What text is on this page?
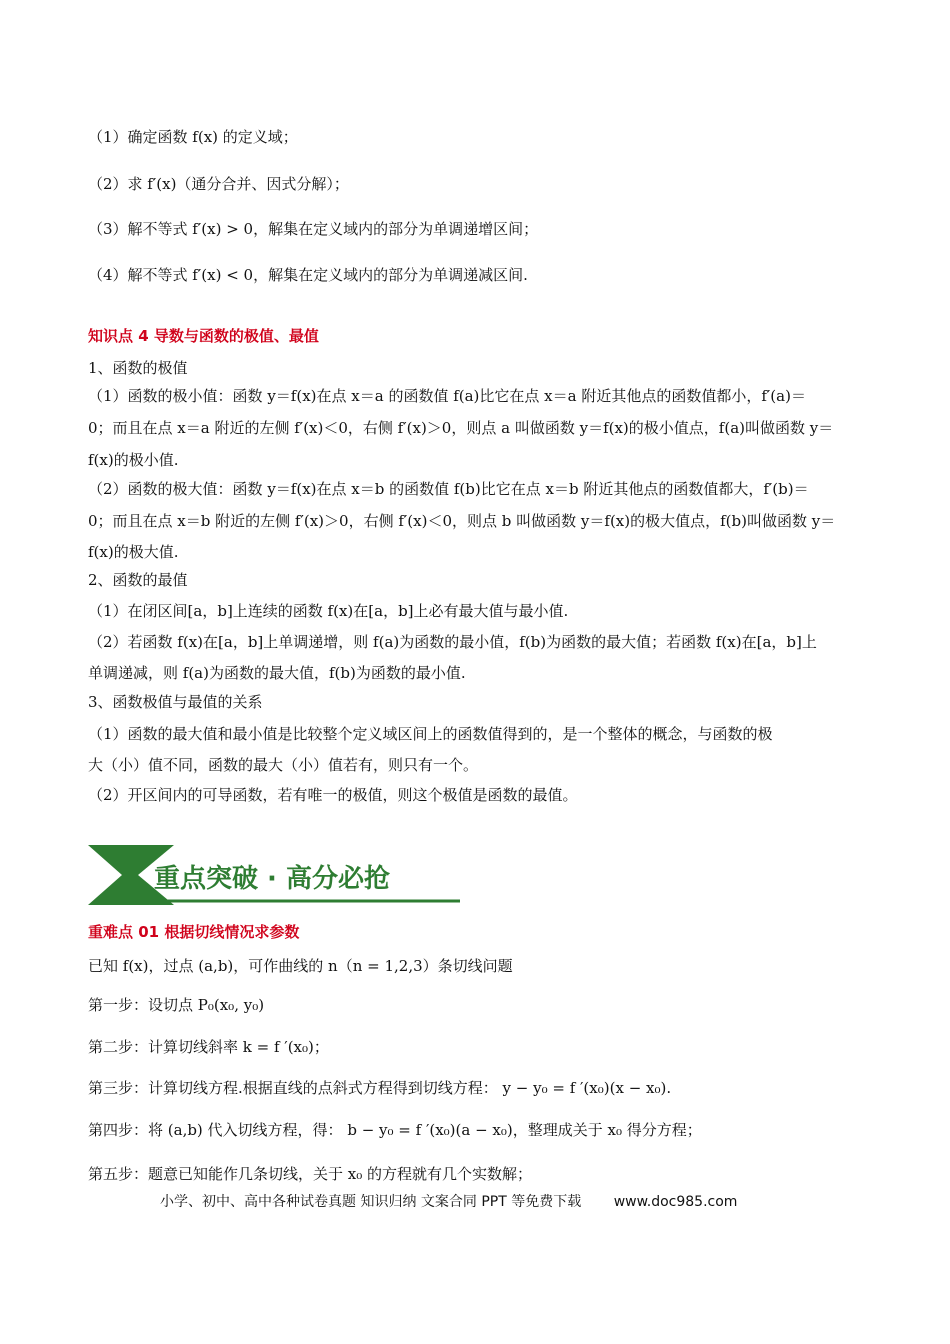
（1）确定函数 f(x) 的定义域；
（2）求 f′(x)（通分合并、因式分解）；
（3）解不等式 f′(x) > 0，解集在定义域内的部分为单调递增区间；
（4）解不等式 f′(x) < 0，解集在定义域内的部分为单调递减区间.
知识点 4 导数与函数的极值、最值
1、函数的极值
（1）函数的极小值：函数 y＝f(x)在点 x＝a 的函数值 f(a)比它在点 x＝a 附近其他点的函数值都小，f′(a)＝
0；而且在点 x＝a 附近的左侧 f′(x)＜0，右侧 f′(x)＞0，则点 a 叫做函数 y＝f(x)的极小值点，f(a)叫做函数 y＝
f(x)的极小值.
（2）函数的极大值：函数 y＝f(x)在点 x＝b 的函数值 f(b)比它在点 x＝b 附近其他点的函数值都大，f′(b)＝
0；而且在点 x＝b 附近的左侧 f′(x)＞0，右侧 f′(x)＜0，则点 b 叫做函数 y＝f(x)的极大值点，f(b)叫做函数 y＝
f(x)的极大值.
2、函数的最值
（1）在闭区间[a，b]上连续的函数 f(x)在[a，b]上必有最大值与最小值.
（2）若函数 f(x)在[a，b]上单调递增，则 f(a)为函数的最小值，f(b)为函数的最大值；若函数 f(x)在[a，b]上
单调递减，则 f(a)为函数的最大值，f(b)为函数的最小值.
3、函数极值与最值的关系
（1）函数的最大值和最小值是比较整个定义域区间上的函数值得到的，是一个整体的概念，与函数的极
大（小）值不同，函数的最大（小）值若有，则只有一个。
（2）开区间内的可导函数，若有唯一的极值，则这个极值是函数的最值。
重点突破 · 高分必抢
重难点 01 根据切线情况求参数
已知 f(x)，过点 (a,b)，可作曲线的 n（n = 1,2,3）条切线问题
第一步：设切点 P₀(x₀, y₀)
第二步：计算切线斜率 k = f ′(x₀)；
第三步：计算切线方程.根据直线的点斜式方程得到切线方程： y − y₀ = f ′(x₀)(x − x₀).
第四步：将 (a,b) 代入切线方程，得： b − y₀ = f ′(x₀)(a − x₀)，整理成关于 x₀ 得分方程；
第五步：题意已知能作几条切线，关于 x₀ 的方程就有几个实数解；
小学、初中、高中各种试卷真题 知识归纳 文案合同 PPT 等免费下载 www.doc985.com
